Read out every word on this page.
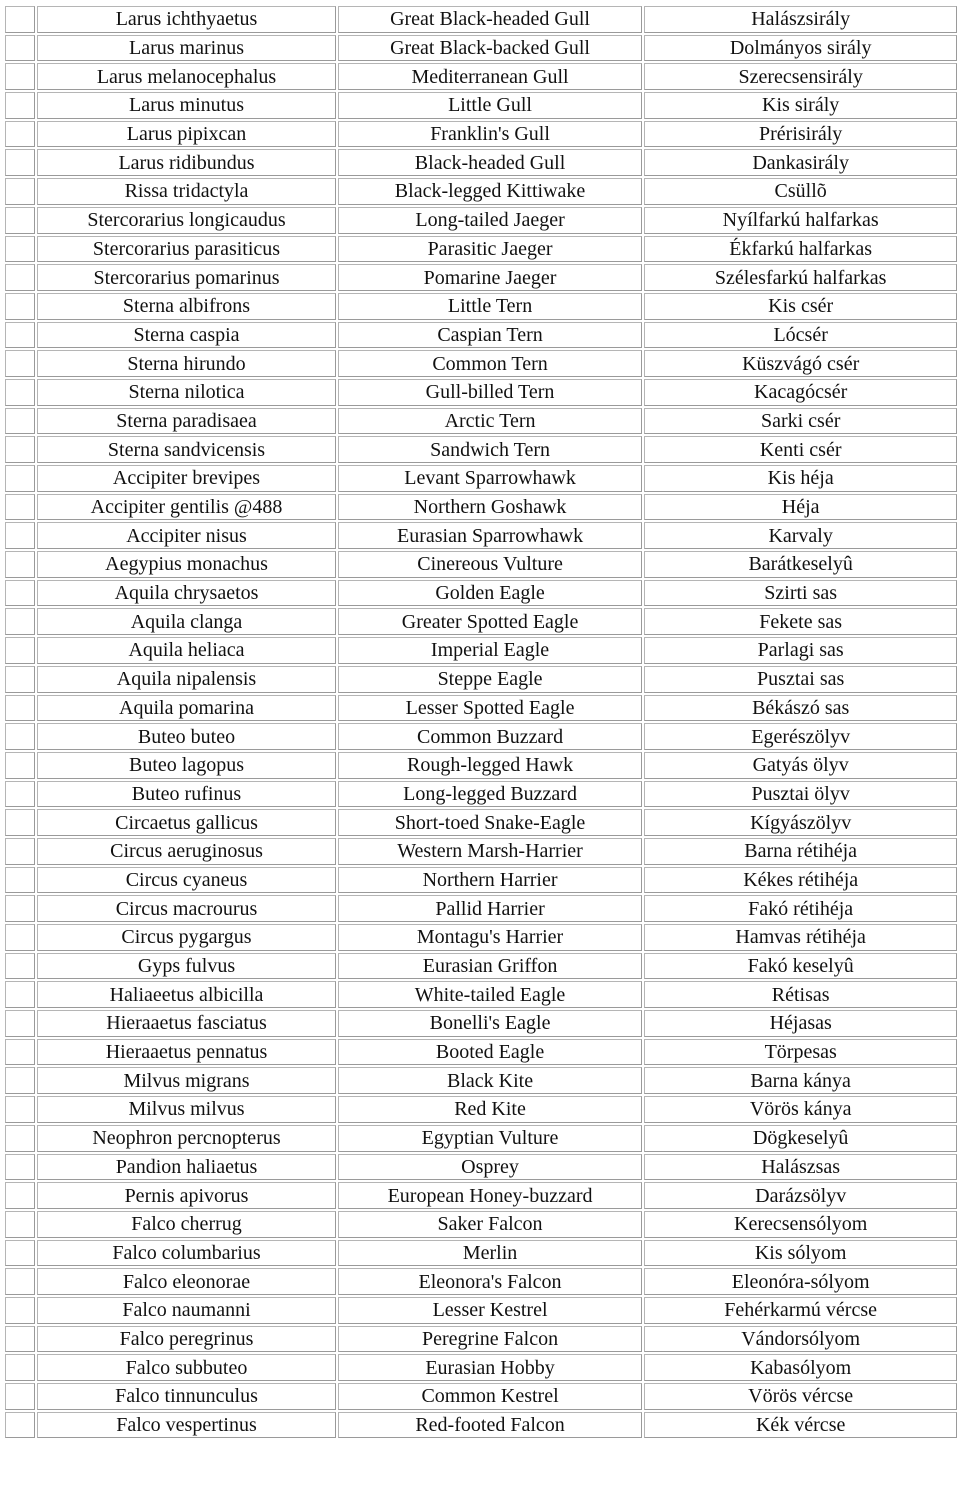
	Larus ichthyaetus	Great Black-headed Gull	Halászsirály
	Larus marinus	Great Black-backed Gull	Dolmányos sirály
	Larus melanocephalus	Mediterranean Gull	Szerecsensirály
	Larus minutus	Little Gull	Kis sirály
	Larus pipixcan	Franklin's Gull	Prérisirály
	Larus ridibundus	Black-headed Gull	Dankasirály
	Rissa tridactyla	Black-legged Kittiwake	Csüllõ
	Stercorarius longicaudus	Long-tailed Jaeger	Nyílfarkú halfarkas
	Stercorarius parasiticus	Parasitic Jaeger	Ékfarkú halfarkas
	Stercorarius pomarinus	Pomarine Jaeger	Szélesfarkú halfarkas
	Sterna albifrons	Little Tern	Kis csér
	Sterna caspia	Caspian Tern	Lócsér
	Sterna hirundo	Common Tern	Küszvágó csér
	Sterna nilotica	Gull-billed Tern	Kacagócsér
	Sterna paradisaea	Arctic Tern	Sarki csér
	Sterna sandvicensis	Sandwich Tern	Kenti csér
	Accipiter brevipes	Levant Sparrowhawk	Kis héja
	Accipiter gentilis @488	Northern Goshawk	Héja
	Accipiter nisus	Eurasian Sparrowhawk	Karvaly
	Aegypius monachus	Cinereous Vulture	Barátkeselyû
	Aquila chrysaetos	Golden Eagle	Szirti sas
	Aquila clanga	Greater Spotted Eagle	Fekete sas
	Aquila heliaca	Imperial Eagle	Parlagi sas
	Aquila nipalensis	Steppe Eagle	Pusztai sas
	Aquila pomarina	Lesser Spotted Eagle	Békászó sas
	Buteo buteo	Common Buzzard	Egerészölyv
	Buteo lagopus	Rough-legged Hawk	Gatyás ölyv
	Buteo rufinus	Long-legged Buzzard	Pusztai ölyv
	Circaetus gallicus	Short-toed Snake-Eagle	Kígyászölyv
	Circus aeruginosus	Western Marsh-Harrier	Barna rétihéja
	Circus cyaneus	Northern Harrier	Kékes rétihéja
	Circus macrourus	Pallid Harrier	Fakó rétihéja
	Circus pygargus	Montagu's Harrier	Hamvas rétihéja
	Gyps fulvus	Eurasian Griffon	Fakó keselyû
	Haliaeetus albicilla	White-tailed Eagle	Rétisas
	Hieraaetus fasciatus	Bonelli's Eagle	Héjasas
	Hieraaetus pennatus	Booted Eagle	Törpesas
	Milvus migrans	Black Kite	Barna kánya
	Milvus milvus	Red Kite	Vörös kánya
	Neophron percnopterus	Egyptian Vulture	Dögkeselyû
	Pandion haliaetus	Osprey	Halászsas
	Pernis apivorus	European Honey-buzzard	Darázsölyv
	Falco cherrug	Saker Falcon	Kerecsensólyom
	Falco columbarius	Merlin	Kis sólyom
	Falco eleonorae	Eleonora's Falcon	Eleonóra-sólyom
	Falco naumanni	Lesser Kestrel	Fehérkarmú vércse
	Falco peregrinus	Peregrine Falcon	Vándorsólyom
	Falco subbuteo	Eurasian Hobby	Kabasólyom
	Falco tinnunculus	Common Kestrel	Vörös vércse
	Falco vespertinus	Red-footed Falcon	Kék vércse
